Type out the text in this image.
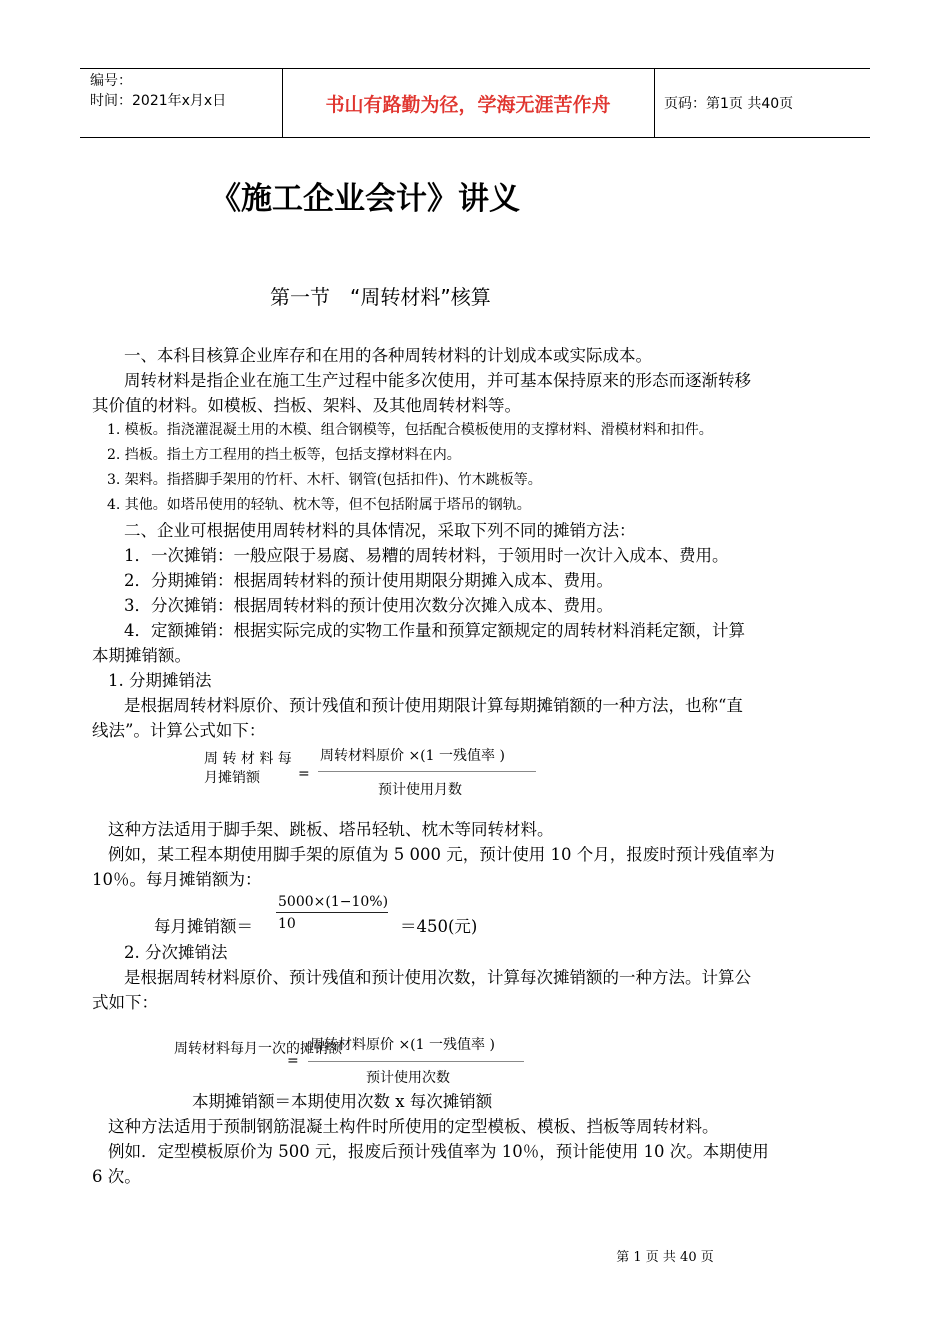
编号：
时间：2021年x月x日	书山有路勤为径，学海无涯苦作舟	页码：第1页 共40页
《施工企业会计》讲义
第一节　“周转材料”核算
一、本科目核算企业库存和在用的各种周转材料的计划成本或实际成本。
周转材料是指企业在施工生产过程中能多次使用，并可基本保持原来的形态而逐渐转移
其价值的材料。如模板、挡板、架料、及其他周转材料等。
1. 模板。指浇灌混凝土用的木模、组合钢模等，包括配合模板使用的支撑材料、滑模材料和扣件。
2. 挡板。指土方工程用的挡土板等，包括支撑材料在内。
3. 架料。指搭脚手架用的竹杆、木杆、钢管(包括扣件)、竹木跳板等。
4. 其他。如塔吊使用的轻轨、枕木等，但不包括附属于塔吊的钢轨。
二、企业可根据使用周转材料的具体情况，采取下列不同的摊销方法：
1．一次摊销：一般应限于易腐、易糟的周转材料，于领用时一次计入成本、费用。
2．分期摊销：根据周转材料的预计使用期限分期摊入成本、费用。
3．分次摊销：根据周转材料的预计使用次数分次摊入成本、费用。
4．定额摊销：根据实际完成的实物工作量和预算定额规定的周转材料消耗定额，计算
本期摊销额。
1. 分期摊销法
是根据周转材料原价、预计残值和预计使用期限计算每期摊销额的一种方法，也称“直
线法”。计算公式如下：
周 转 材 料 每
月摊销额	=
周转材料原价 ×(1 一残值率 )
预计使用月数
这种方法适用于脚手架、跳板、塔吊轻轨、枕木等同转材料。
例如，某工程本期使用脚手架的原值为 5 000 元，预计使用 10 个月，报废时预计残值率为
10％。每月摊销额为：
5000×(1−10%)
10
每月摊销额＝	＝450(元)
2. 分次摊销法
是根据周转材料原价、预计残值和预计使用次数，计算每次摊销额的一种方法。计算公
式如下：
周转材料每月一次的摊销额
周转材料原价 ×(1 一残值率 )
=
预计使用次数
本期摊销额＝本期使用次数 x 每次摊销额
这种方法适用于预制钢筋混凝土构件时所使用的定型模板、模板、挡板等周转材料。
例如．定型模板原价为 500 元，报废后预计残值率为 10％，预计能使用 10 次。本期使用
6 次。
第 1 页 共 40 页
